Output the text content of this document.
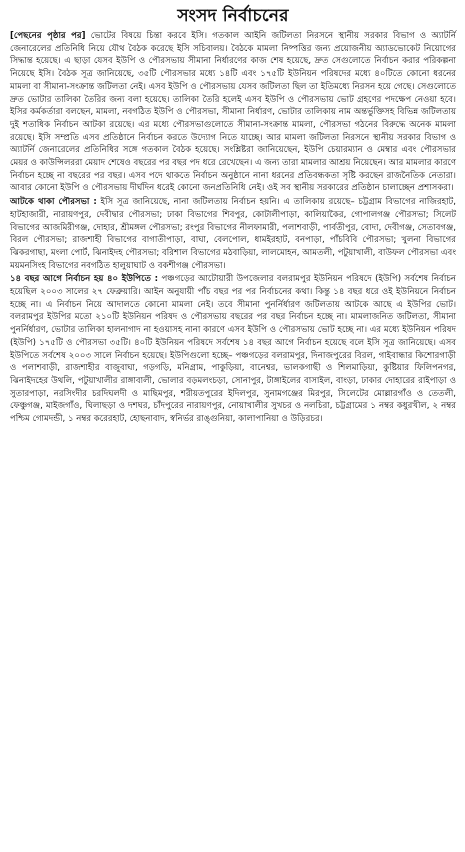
সংসদ নির্বাচনের

[পেছনের পৃষ্ঠার পর] ভোটের বিষয়ে চিন্তা করবে ইসি। গতকাল আইনি জটিলতা নিরসনে স্থানীয় সরকার বিভাগ ও অ্যাটর্নি জেনারেলের প্রতিনিধি নিয়ে যৌথ বৈঠক করেছে ইসি সচিবালয়। বৈঠকে মামলা নিষ্পত্তির জন্য প্রয়োজনীয় অ্যাডভোকেট নিয়োগের সিদ্ধান্ত হয়েছে। এ ছাড়া যেসব ইউপি ও পৌরসভায় সীমানা নির্ধারণের কাজ শেষ হয়েছে, দ্রুত সেগুলোতে নির্বাচন করার পরিকল্পনা নিয়েছে ইসি। বৈঠক সূত্র জানিয়েছে, ৩৫টি পৌরসভার মধ্যে ১৪টি এবং ১৭৫টি ইউনিয়ন পরিষদের মধ্যে ৪০টিতে কোনো ধরনের মামলা বা সীমানা-সংক্রান্ত জটিলতা নেই। এসব ইউপি ও পৌরসভায় যেসব জটিলতা ছিল তা ইতিমধ্যে নিরসন হয়ে গেছে। সেগুলোতে দ্রুত ভোটার তালিকা তৈরির জন্য বলা হয়েছে। তালিকা তৈরি হলেই এসব ইউপি ও পৌরসভায় ভোট গ্রহণের পদক্ষেপ নেওয়া হবে। ইসির কর্মকর্তারা বলছেন, মামলা, নবগঠিত ইউপি ও পৌরসভা, সীমানা নির্ধারণ, ভোটার তালিকায় নাম অন্তর্ভুক্তিসহ বিভিন্ন জটিলতায় দুই শতাধিক নির্বাচন আটকা রয়েছে। এর মধ্যে পৌরসভাগুলোতে সীমানা-সংক্রান্ত মামলা, পৌরসভা গঠনের বিরুদ্ধে অনেক মামলা রয়েছে। ইসি সম্প্রতি এসব প্রতিষ্ঠানে নির্বাচন করতে উদ্যোগ নিতে যাচ্ছে। আর মামলা জটিলতা নিরসনে স্থানীয় সরকার বিভাগ ও অ্যাটর্নি জেনারেলের প্রতিনিধির সঙ্গে গতকাল বৈঠক হয়েছে। সংশ্লিষ্টরা জানিয়েছেন, ইউপি চেয়ারম্যান ও মেম্বার এবং পৌরসভার মেয়র ও কাউন্সিলররা মেয়াদ শেষেও বছরের পর বছর পদ ধরে রেখেছেন। এ জন্য তারা মামলার আশ্রয় নিয়েছেন। আর মামলার কারণে নির্বাচন হচ্ছে না বছরের পর বছর। এসব পদে থাকতে নির্বাচন অনুষ্ঠানে নানা ধরনের প্রতিবন্ধকতা সৃষ্টি করছেন রাজনৈতিক নেতারা। আবার কোনো ইউপি ও পৌরসভায় দীর্ঘদিন ধরেই কোনো জনপ্রতিনিধি নেই। ওই সব স্থানীয় সরকারের প্রতিষ্ঠান চালাচ্ছেন প্রশাসকরা।

আটকে থাকা পৌরসভা : ইসি সূত্র জানিয়েছে, নানা জটিলতায় নির্বাচন হয়নি। এ তালিকায় রয়েছে– চট্টগ্রাম বিভাগের নাজিরহাট, হাটহাজারী, নারায়ণপুর, দেবীদ্বার পৌরসভা; ঢাকা বিভাগের শিবপুর, কোটালীপাড়া, কালিয়াকৈর, গোপালগঞ্জ পৌরসভা; সিলেট বিভাগের আজমিরীগঞ্জ, দোহার, শ্রীমঙ্গল পৌরসভা; রংপুর বিভাগের নীলফামারী, পলাশবাড়ী, পার্বতীপুর, বোদা, দেবীগঞ্জ, সেতাবগঞ্জ, বিরল পৌরসভা; রাজশাহী বিভাগের বাগাতীপাড়া, বাঘা, বেলপোল, ধামইরহাট, বনপাড়া, পাঁচবিবি পৌরসভা; খুলনা বিভাগের ঝিকরগাছা, মংলা পোর্ট, ঝিনাইদহ পৌরসভা; বরিশাল বিভাগের মঠবাড়িয়া, লালমোহন, আমতলী, পটুয়াখালী, বাউফল পৌরসভা এবং ময়মনসিংহ বিভাগের নবগঠিত হালুয়াঘাট ও বকশীগঞ্জ পৌরসভা।

১৪ বছর আগে নির্বাচন হয় ৪০ ইউপিতে : পঞ্চগড়ের আটোয়ারী উপজেলার বলরামপুর ইউনিয়ন পরিষদে (ইউপি) সর্বশেষ নির্বাচন হয়েছিল ২০০৩ সালের ২৭ ফেব্রুয়ারি। আইন অনুযায়ী পাঁচ বছর পর পর নির্বাচনের কথা। কিন্তু ১৪ বছর ধরে ওই ইউনিয়নে নির্বাচন হচ্ছে না। এ নির্বাচন নিয়ে আদালতে কোনো মামলা নেই। তবে সীমানা পুনর্নির্ধারণ জটিলতায় আটকে আছে এ ইউপির ভোট। বলরামপুর ইউপির মতো ২১০টি ইউনিয়ন পরিষদ ও পৌরসভায় বছরের পর বছর নির্বাচন হচ্ছে না। মামলাজনিত জটিলতা, সীমানা পুনর্নির্ধারণ, ভোটার তালিকা হালনাগাদ না হওয়াসহ নানা কারণে এসব ইউপি ও পৌরসভায় ভোট হচ্ছে না। এর মধ্যে ইউনিয়ন পরিষদ (ইউপি) ১৭৫টি ও পৌরসভা ৩৫টি। ৪০টি ইউনিয়ন পরিষদে সর্বশেষ ১৪ বছর আগে নির্বাচন হয়েছে বলে ইসি সূত্র জানিয়েছে। এসব ইউপিতে সর্বশেষ ২০০৩ সালে নির্বাচন হয়েছে। ইউপিগুলো হচ্ছে– পঞ্চগড়ের বলরামপুর, দিনাজপুরের বিরল, গাইবান্ধার কিশোরগাড়ী ও পলাশবাড়ী, রাজশাহীর বাজুবাঘা, গড়গড়ি, মনিগ্রাম, পাকুড়িয়া, বানেশ্বর, ভালকগাছী ও শিলমাড়িয়া, কুষ্টিয়ার ফিলিপনগর, ঝিনাইদহের উথলি, পটুয়াখালীর রাঙ্গাবালী, ভোলার বড়মলংচড়া, সোনাপুর, টাঙ্গাইলের বাসাইল, বাংড়া, ঢাকার দোহারের রাইপাড়া ও সুতারপাড়া, নরসিংদীর চরদিঘলদী ও মাছিমপুর, শরীয়তপুরের ইদিলপুর, সুনামগঞ্জের মিরপুর, সিলেটের মোল্লারগাঁও ও তেতলী, ফেঞ্চুগঞ্জ, মাইজগাঁও, ঘিলাছড়া ও দশঘর, চাঁদপুরের নারায়ণপুর, নোয়াখালীর সুখচর ও নলচিরা, চট্টগ্রামের ১ নম্বর কধুরখীল, ২ নম্বর পশ্চিম গোমদন্ডী, ১ নম্বর করেরহাট, হোছনাবাদ, স্বনির্ভর রাঙ্গুনিয়া, কালাপানিয়া ও উড়িরচর।
